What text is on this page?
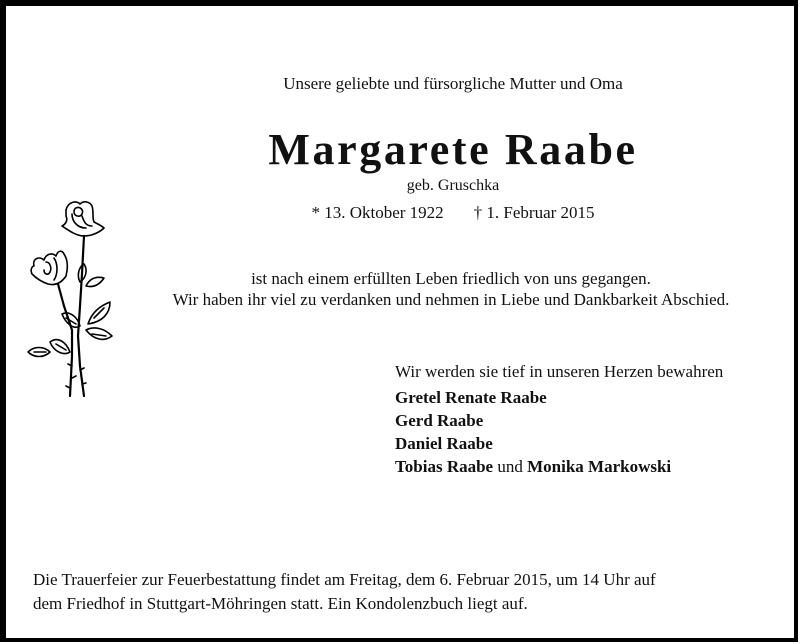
Unsere geliebte und fürsorgliche Mutter und Oma
Margarete Raabe
geb. Gruschka
* 13. Oktober 1922 † 1. Februar 2015
ist nach einem erfüllten Leben friedlich von uns gegangen.
Wir haben ihr viel zu verdanken und nehmen in Liebe und Dankbarkeit Abschied.
Wir werden sie tief in unseren Herzen bewahren
Gretel Renate Raabe
Gerd Raabe
Daniel Raabe
Tobias Raabe und Monika Markowski
Die Trauerfeier zur Feuerbestattung findet am Freitag, dem 6. Februar 2015, um 14 Uhr auf
dem Friedhof in Stuttgart-Möhringen statt. Ein Kondolenzbuch liegt auf.
